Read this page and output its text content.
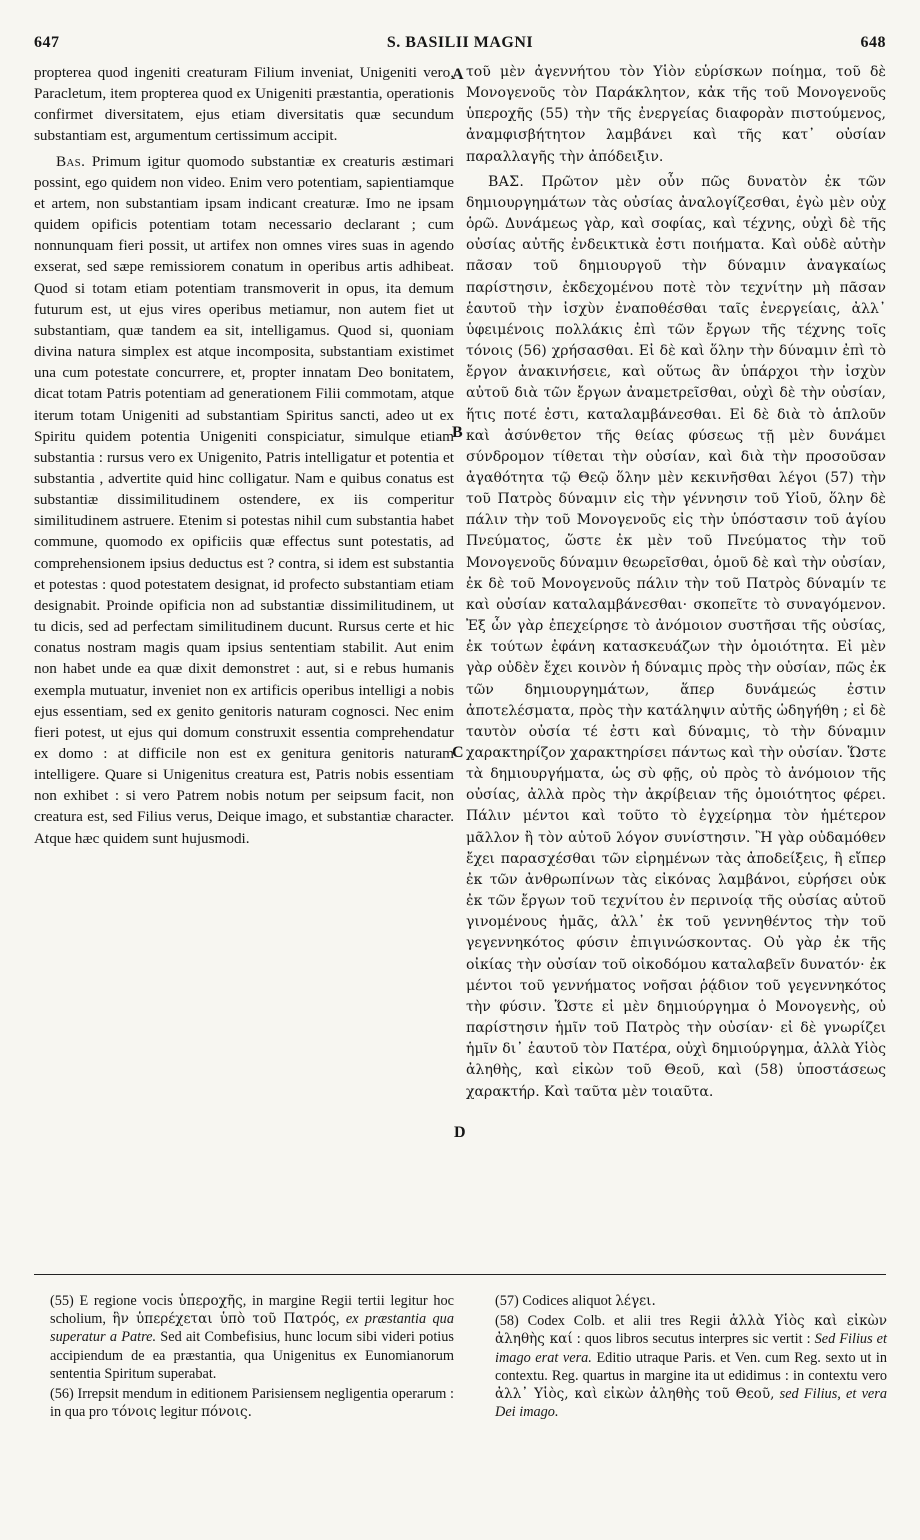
647	S. BASILII MAGNI	648

propterea quod ingeniti creaturam Filium inveniat, Unigeniti vero, Paracletum, item propterea quod ex Unigeniti præstantia, operationis confirmet diversitatem, ejus etiam diversitatis quæ secundum substantiam est, argumentum certissimum accipit.

Bas. Primum igitur quomodo substantiæ ex creaturis æstimari possint, ego quidem non video. Enim vero potentiam, sapientiamque et artem, non substantiam ipsam indicant creaturæ. Imo ne ipsam quidem opificis potentiam totam necessario declarant ; cum nonnunquam fieri possit, ut artifex non omnes vires suas in agendo exserat, sed sæpe remissiorem conatum in operibus artis adhibeat. Quod si totam etiam potentiam transmoverit in opus, ita demum futurum est, ut ejus vires operibus metiamur, non autem fiet ut substantiam, quæ tandem ea sit, intelligamus. Quod si, quoniam divina natura simplex est atque incomposita, substantiam existimet una cum potestate concurrere, et, propter innatam Deo bonitatem, dicat totam Patris potentiam ad generationem Filii commotam, atque iterum totam Unigeniti ad substantiam Spiritus sancti, adeo ut ex Spiritu quidem potentia Unigeniti conspiciatur, simulque etiam substantia : rursus vero ex Unigenito, Patris intelligatur et potentia et substantia , advertite quid hinc colligatur. Nam e quibus conatus est substantiæ dissimilitudinem ostendere, ex iis comperitur similitudinem astruere. Etenim si potestas nihil cum substantia habet commune, quomodo ex opificiis quæ effectus sunt potestatis, ad comprehensionem ipsius deductus est ? contra, si idem est substantia et potestas : quod potestatem designat, id profecto substantiam etiam designabit. Proinde opificia non ad substantiæ dissimilitudinem, ut tu dicis, sed ad perfectam similitudinem ducunt. Rursus certe et hic conatus nostram magis quam ipsius sententiam stabilit. Aut enim non habet unde ea quæ dixit demonstret : aut, si e rebus humanis exempla mutuatur, inveniet non ex artificis operibus intelligi a nobis ejus essentiam, sed ex genito genitoris naturam cognosci. Nec enim fieri potest, ut ejus qui domum construxit essentia comprehendatur ex domo : at difficile non est ex genitura genitoris naturam intelligere. Quare si Unigenitus creatura est, Patris nobis essentiam non exhibet : si vero Patrem nobis notum per seipsum facit, non creatura est, sed Filius verus, Deique imago, et substantiæ character. Atque hæc quidem sunt hujusmodi.

τοῦ μὲν ἀγεννήτου τὸν Υἱὸν εὑρίσκων ποίημα, τοῦ δὲ Μονογενοῦς τὸν Παράκλητον, κἀκ τῆς τοῦ Μονογενοῦς ὑπεροχῆς (55) τὴν τῆς ἐνεργείας διαφορὰν πιστούμενος, ἀναμφισβήτητον λαμβάνει καὶ τῆς κατ᾽ οὐσίαν παραλλαγῆς τὴν ἀπόδειξιν.

ΒΑΣ. Πρῶτον μὲν οὖν πῶς δυνατὸν ἐκ τῶν δημιουργημάτων τὰς οὐσίας ἀναλογίζεσθαι, ἐγὼ μὲν οὐχ ὁρῶ. Δυνάμεως γὰρ, καὶ σοφίας, καὶ τέχνης, οὐχὶ δὲ τῆς οὐσίας αὐτῆς ἐνδεικτικὰ ἐστι ποιήματα. Καὶ οὐδὲ αὐτὴν πᾶσαν τοῦ δημιουργοῦ τὴν δύναμιν ἀναγκαίως παρίστησιν, ἐκδεχομένου ποτὲ τὸν τεχνίτην μὴ πᾶσαν ἑαυτοῦ τὴν ἰσχὺν ἐναποθέσθαι ταῖς ἐνεργείαις, ἀλλ᾽ ὑφειμένοις πολλάκις ἐπὶ τῶν ἔργων τῆς τέχνης τοῖς τόνοις (56) χρήσασθαι. Εἰ δὲ καὶ ὅλην τὴν δύναμιν ἐπὶ τὸ ἔργον ἀνακινήσειε, καὶ οὕτως ἂν ὑπάρχοι τὴν ἰσχὺν αὐτοῦ διὰ τῶν ἔργων ἀναμετρεῖσθαι, οὐχὶ δὲ τὴν οὐσίαν, ἥτις ποτέ ἐστι, καταλαμβάνεσθαι. Εἰ δὲ διὰ τὸ ἁπλοῦν καὶ ἀσύνθετον τῆς θείας φύσεως τῇ μὲν δυνάμει σύνδρομον τίθεται τὴν οὐσίαν, καὶ διὰ τὴν προσοῦσαν ἀγαθότητα τῷ Θεῷ ὅλην μὲν κεκινῆσθαι λέγοι (57) τὴν τοῦ Πατρὸς δύναμιν εἰς τὴν γέννησιν τοῦ Υἱοῦ, ὅλην δὲ πάλιν τὴν τοῦ Μονογενοῦς εἰς τὴν ὑπόστασιν τοῦ ἁγίου Πνεύματος, ὥστε ἐκ μὲν τοῦ Πνεύματος τὴν τοῦ Μονογενοῦς δύναμιν θεωρεῖσθαι, ὁμοῦ δὲ καὶ τὴν οὐσίαν, ἐκ δὲ τοῦ Μονογενοῦς πάλιν τὴν τοῦ Πατρὸς δύναμίν τε καὶ οὐσίαν καταλαμβάνεσθαι· σκοπεῖτε τὸ συναγόμενον. Ἐξ ὧν γὰρ ἐπεχείρησε τὸ ἀνόμοιον συστῆσαι τῆς οὐσίας, ἐκ τούτων ἐφάνη κατασκευάζων τὴν ὁμοιότητα. Εἰ μὲν γὰρ οὐδὲν ἔχει κοινὸν ἡ δύναμις πρὸς τὴν οὐσίαν, πῶς ἐκ τῶν δημιουργημάτων, ἅπερ δυνάμεώς ἐστιν ἀποτελέσματα, πρὸς τὴν κατάληψιν αὐτῆς ὡδηγήθη ; εἰ δὲ ταυτὸν οὐσία τέ ἐστι καὶ δύναμις, τὸ τὴν δύναμιν χαρακτηρίζον χαρακτηρίσει πάντως καὶ τὴν οὐσίαν. Ὥστε τὰ δημιουργήματα, ὡς σὺ φῇς, οὐ πρὸς τὸ ἀνόμοιον τῆς οὐσίας, ἀλλὰ πρὸς τὴν ἀκρίβειαν τῆς ὁμοιότητος φέρει. Πάλιν μέντοι καὶ τοῦτο τὸ ἐγχείρημα τὸν ἡμέτερον μᾶλλον ἢ τὸν αὐτοῦ λόγον συνίστησιν. Ἢ γὰρ οὐδαμόθεν ἔχει παρασχέσθαι τῶν εἰρημένων τὰς ἀποδείξεις, ἢ εἴπερ ἐκ τῶν ἀνθρωπίνων τὰς εἰκόνας λαμβάνοι, εὑρήσει οὐκ ἐκ τῶν ἔργων τοῦ τεχνίτου ἐν περινοίᾳ τῆς οὐσίας αὐτοῦ γινομένους ἡμᾶς, ἀλλ᾽ ἐκ τοῦ γεννηθέντος τὴν τοῦ γεγεννηκότος φύσιν ἐπιγινώσκοντας. Οὐ γὰρ ἐκ τῆς οἰκίας τὴν οὐσίαν τοῦ οἰκοδόμου καταλαβεῖν δυνατόν· ἐκ μέντοι τοῦ γεννήματος νοῆσαι ῥᾴδιον τοῦ γεγεννηκότος τὴν φύσιν. Ὥστε εἰ μὲν δημιούργημα ὁ Μονογενὴς, οὐ παρίστησιν ἡμῖν τοῦ Πατρὸς τὴν οὐσίαν· εἰ δὲ γνωρίζει ἡμῖν δι᾽ ἑαυτοῦ τὸν Πατέρα, οὐχὶ δημιούργημα, ἀλλὰ Υἱὸς ἀληθὴς, καὶ εἰκὼν τοῦ Θεοῦ, καὶ (58) ὑποστάσεως χαρακτήρ. Καὶ ταῦτα μὲν τοιαῦτα.

A
B
C
D

(55) E regione vocis ὑπεροχῆς, in margine Regii tertii legitur hoc scholium, ἣν ὑπερέχεται ὑπὸ τοῦ Πατρός, ex præstantia qua superatur a Patre. Sed ait Combefisius, hunc locum sibi videri potius accipiendum de ea præstantia, qua Unigenitus ex Eunomianorum sententia Spiritum superabat.

(56) Irrepsit mendum in editionem Parisiensem negligentia operarum : in qua pro τόνοις legitur πόνοις.

(57) Codices aliquot λέγει.

(58) Codex Colb. et alii tres Regii ἀλλὰ Υἱὸς καὶ εἰκὼν ἀληθὴς καί : quos libros secutus interpres sic vertit : Sed Filius et imago erat vera. Editio utraque Paris. et Ven. cum Reg. sexto ut in contextu. Reg. quartus in margine ita ut edidimus : in contextu vero ἀλλ᾽ Υἱὸς, καὶ εἰκὼν ἀληθὴς τοῦ Θεοῦ, sed Filius, et vera Dei imago.
